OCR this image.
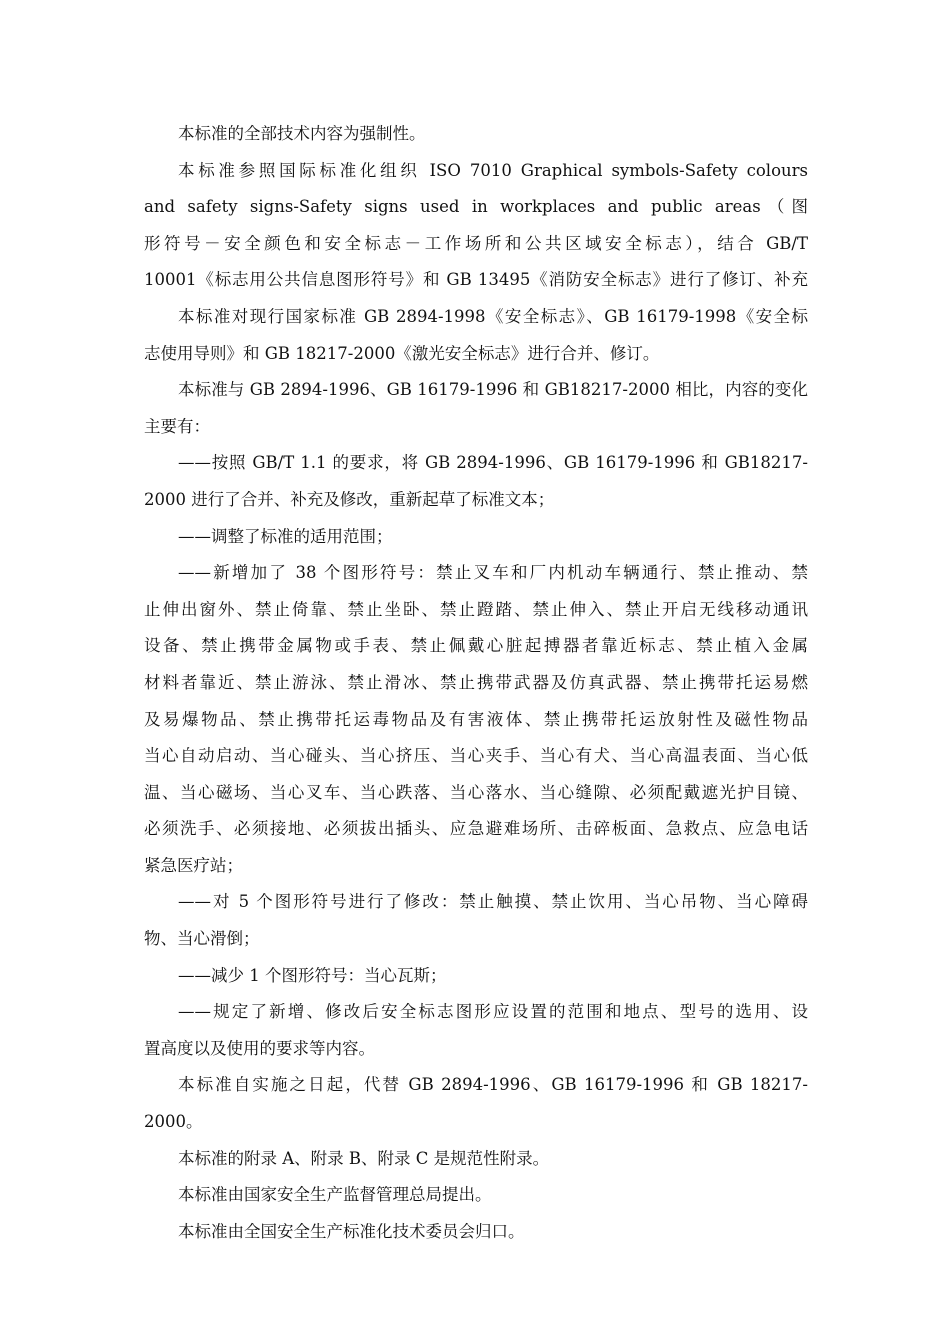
本标准的全部技术内容为强制性。
本标准参照国际标准化组织 ISO 7010 Graphical symbols-Safety colours
and safety signs-Safety signs used in workplaces and public areas（图
形符号－安全颜色和安全标志－工作场所和公共区域安全标志），结合 GB/T
10001《标志用公共信息图形符号》和 GB 13495《消防安全标志》进行了修订、补充
本标准对现行国家标准 GB 2894-1998《安全标志》、GB 16179-1998《安全标
志使用导则》和 GB 18217-2000《激光安全标志》进行合并、修订。
本标准与 GB 2894-1996、GB 16179-1996 和 GB18217-2000 相比，内容的变化
主要有：
——按照 GB/T 1.1 的要求，将 GB 2894-1996、GB 16179-1996 和 GB18217-
2000 进行了合并、补充及修改，重新起草了标准文本；
——调整了标准的适用范围；
——新增加了 38 个图形符号：禁止叉车和厂内机动车辆通行、禁止推动、禁
止伸出窗外、禁止倚靠、禁止坐卧、禁止蹬踏、禁止伸入、禁止开启无线移动通讯
设备、禁止携带金属物或手表、禁止佩戴心脏起搏器者靠近标志、禁止植入金属
材料者靠近、禁止游泳、禁止滑冰、禁止携带武器及仿真武器、禁止携带托运易燃
及易爆物品、禁止携带托运毒物品及有害液体、禁止携带托运放射性及磁性物品
当心自动启动、当心碰头、当心挤压、当心夹手、当心有犬、当心高温表面、当心低
温、当心磁场、当心叉车、当心跌落、当心落水、当心缝隙、必须配戴遮光护目镜、
必须洗手、必须接地、必须拔出插头、应急避难场所、击碎板面、急救点、应急电话
紧急医疗站；
——对 5 个图形符号进行了修改：禁止触摸、禁止饮用、当心吊物、当心障碍
物、当心滑倒；
——减少 1 个图形符号：当心瓦斯；
——规定了新增、修改后安全标志图形应设置的范围和地点、型号的选用、设
置高度以及使用的要求等内容。
本标准自实施之日起，代替 GB 2894-1996、GB 16179-1996 和 GB 18217-
2000。
本标准的附录 A、附录 B、附录 C 是规范性附录。
本标准由国家安全生产监督管理总局提出。
本标准由全国安全生产标准化技术委员会归口。
